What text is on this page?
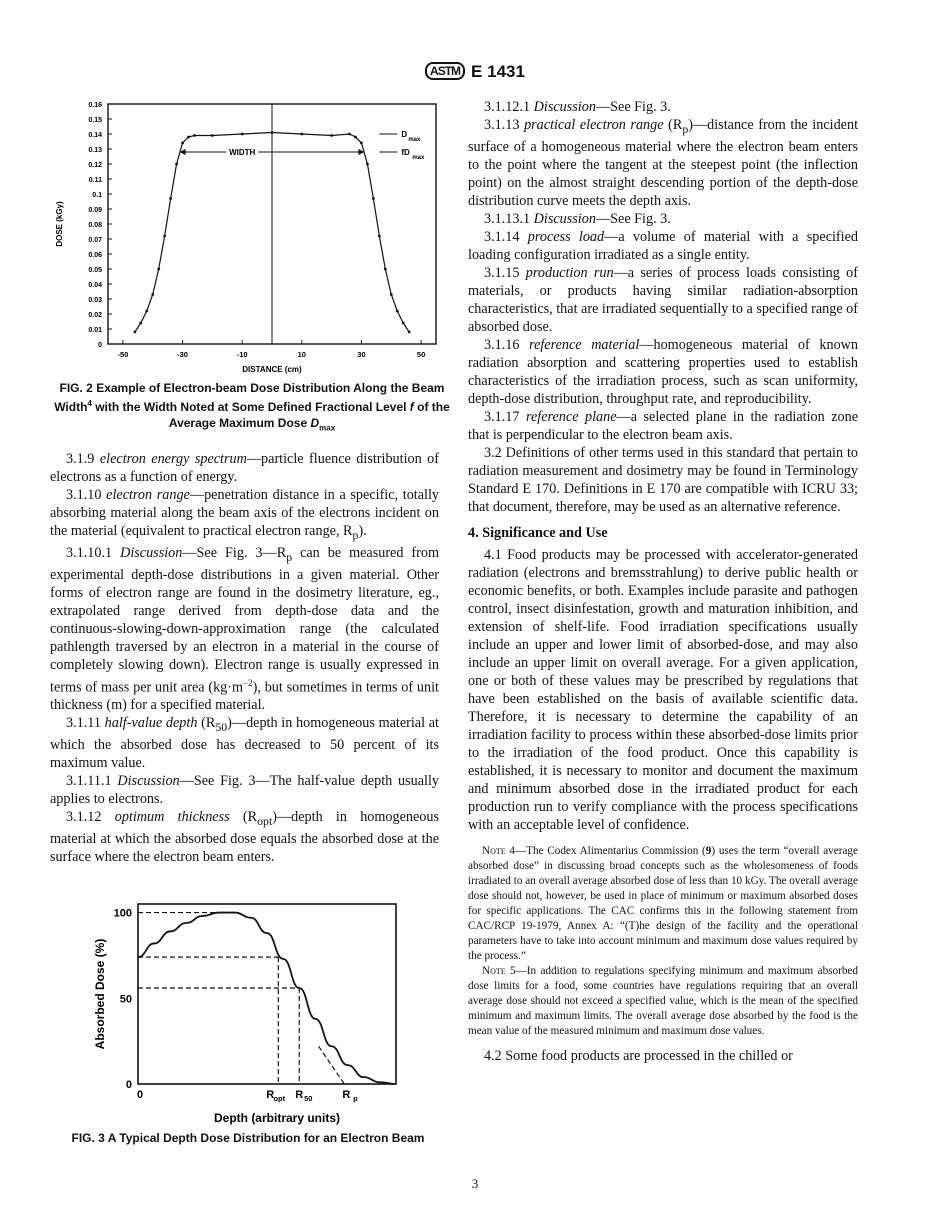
ASTM E 1431
0
0.01
0.02
0.03
0.04
0.05
0.06
0.07
0.08
0.09
0.1
0.11
0.12
0.13
0.14
0.15
0.16
-50	-30	-10	10	30	50
DISTANCE (cm)
DOSE (kGy)
WIDTH
D
max
fD
max
FIG. 2 Example of Electron-beam Dose Distribution Along the Beam Width$^4$ with the Width Noted at Some Defined Fractional Level f of the Average Maximum Dose $D_{max}$

3.1.9 electron energy spectrum—particle fluence distribution of electrons as a function of energy.

3.1.10 electron range—penetration distance in a specific, totally absorbing material along the beam axis of the electrons incident on the material (equivalent to practical electron range, $R_p$).

3.1.10.1 Discussion—See Fig. $3—R_p$ can be measured from experimental depth-dose distributions in a given material. Other forms of electron range are found in the dosimetry literature, eg., extrapolated range derived from depth-dose data and the continuous-slowing-down-approximation range (the calculated pathlength traversed by an electron in a material in the course of completely slowing down). Electron range is usually expressed in terms of mass per unit area $(kg\cdot m^{-2})$, but sometimes in terms of unit thickness (m) for a specified material.

3.1.11 half-value depth $(R_{50})—depth$ in homogeneous material at which the absorbed dose has decreased to 50 percent of its maximum value.

3.1.11.1 Discussion—See Fig. 3—The half-value depth usually applies to electrons.

3.1.12 optimum thickness $(R_{opt})—depth$ in homogeneous material at which the absorbed dose equals the absorbed dose at the surface where the electron beam enters.

0
50
100
0
Absorbed Dose (%)
Depth (arbitrary units)
R opt R 50	R p
FIG. 3 A Typical Depth Dose Distribution for an Electron Beam

3.1.12.1 Discussion—See Fig. 3.

3.1.13 practical electron range $(R_p)—distance$ from the incident surface of a homogeneous material where the electron beam enters to the point where the tangent at the steepest point (the inflection point) on the almost straight descending portion of the depth-dose distribution curve meets the depth axis.

3.1.13.1 Discussion—See Fig. 3.

3.1.14 process load—a volume of material with a specified loading configuration irradiated as a single entity.

3.1.15 production run—a series of process loads consisting of materials, or products having similar radiation-absorption characteristics, that are irradiated sequentially to a specified range of absorbed dose.

3.1.16 reference material—homogeneous material of known radiation absorption and scattering properties used to establish characteristics of the irradiation process, such as scan uniformity, depth-dose distribution, throughput rate, and reproducibility.

3.1.17 reference plane—a selected plane in the radiation zone that is perpendicular to the electron beam axis.

3.2 Definitions of other terms used in this standard that pertain to radiation measurement and dosimetry may be found in Terminology Standard E 170. Definitions in E 170 are compatible with ICRU 33; that document, therefore, may be used as an alternative reference.

4. Significance and Use

4.1 Food products may be processed with accelerator-generated radiation (electrons and bremsstrahlung) to derive public health or economic benefits, or both. Examples include parasite and pathogen control, insect disinfestation, growth and maturation inhibition, and extension of shelf-life. Food irradiation specifications usually include an upper and lower limit of absorbed-dose, and may also include an upper limit on overall average. For a given application, one or both of these values may be prescribed by regulations that have been established on the basis of available scientific data. Therefore, it is necessary to determine the capability of an irradiation facility to process within these absorbed-dose limits prior to the irradiation of the food product. Once this capability is established, it is necessary to monitor and document the maximum and minimum absorbed dose in the irradiated product for each production run to verify compliance with the process specifications with an acceptable level of confidence.

Note 4—The Codex Alimentarius Commission (9) uses the term “overall average absorbed dose” in discussing broad concepts such as the wholesomeness of foods irradiated to an overall average absorbed dose of less than 10 kGy. The overall average dose should not, however, be used in place of minimum or maximum absorbed doses for specific applications. The CAC confirms this in the following statement from CAC/RCP 19-1979, Annex A: “(T)he design of the facility and the operational parameters have to take into account minimum and maximum dose values required by the process.”

Note 5—In addition to regulations specifying minimum and maximum absorbed dose limits for a food, some countries have regulations requiring that an overall average dose should not exceed a specified value, which is the mean of the specified minimum and maximum limits. The overall average dose absorbed by the food is the mean value of the measured minimum and maximum dose values.

4.2 Some food products are processed in the chilled or

3
